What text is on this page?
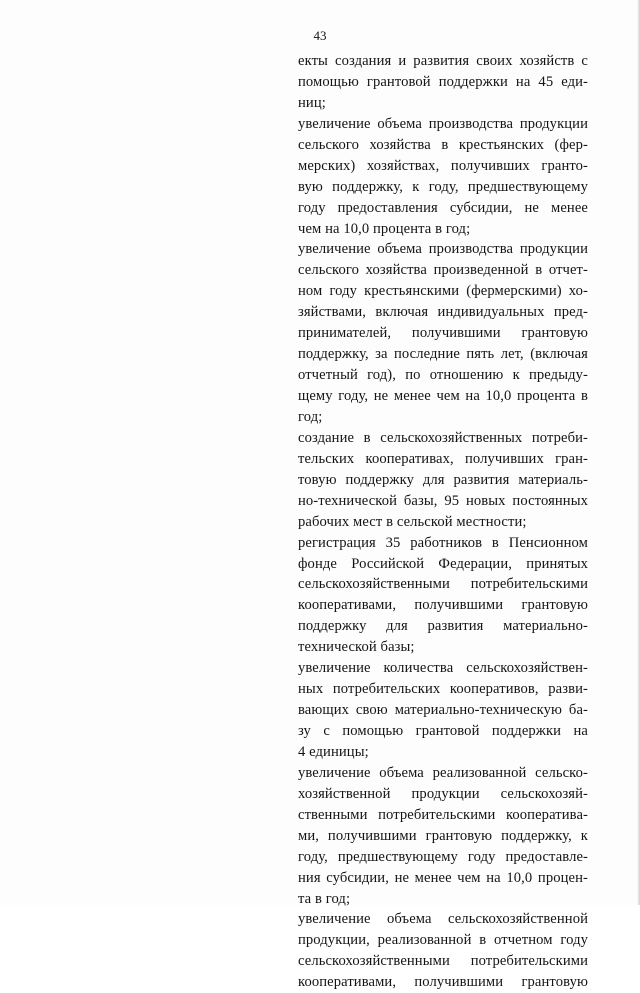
43
екты создания и развития своих хозяйств с
помощью грантовой поддержки на 45 еди-
ниц;
увеличение объема производства продукции
сельского хозяйства в крестьянских (фер-
мерских) хозяйствах, получивших гранто-
вую поддержку, к году, предшествующему
году предоставления субсидии, не менее
чем на 10,0 процента в год;
увеличение объема производства продукции
сельского хозяйства произведенной в отчет-
ном году крестьянскими (фермерскими) хо-
зяйствами, включая индивидуальных пред-
принимателей, получившими грантовую
поддержку, за последние пять лет, (включая
отчетный год), по отношению к предыду-
щему году, не менее чем на 10,0 процента в
год;
создание в сельскохозяйственных потреби-
тельских кооперативах, получивших гран-
товую поддержку для развития материаль-
но-технической базы, 95 новых постоянных
рабочих мест в сельской местности;
регистрация 35 работников в Пенсионном
фонде Российской Федерации, принятых
сельскохозяйственными потребительскими
кооперативами, получившими грантовую
поддержку для развития материально-
технической базы;
увеличение количества сельскохозяйствен-
ных потребительских кооперативов, разви-
вающих свою материально-техническую ба-
зу с помощью грантовой поддержки на
4 единицы;
увеличение объема реализованной сельско-
хозяйственной продукции сельскохозяй-
ственными потребительскими кооператива-
ми, получившими грантовую поддержку, к
году, предшествующему году предоставле-
ния субсидии, не менее чем на 10,0 процен-
та в год;
увеличение объема сельскохозяйственной
продукции, реализованной в отчетном году
сельскохозяйственными потребительскими
кооперативами, получившими грантовую
